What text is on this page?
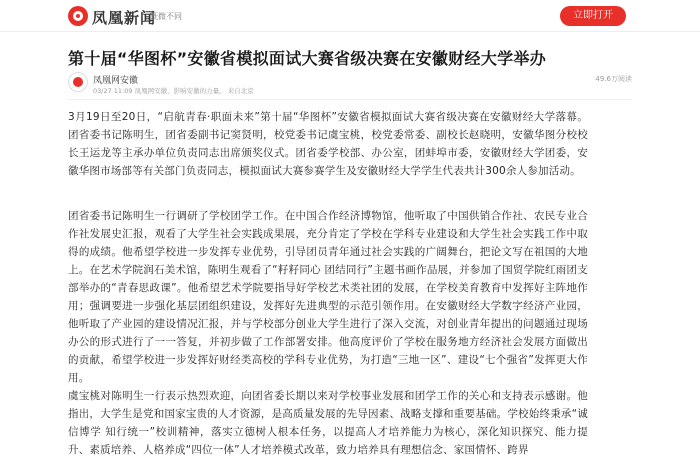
凤凰新闻
既微不同	立即打开
第十届“华图杯”安徽省模拟面试大赛省级决赛在安徽财经大学举办
凤凰网安徽
03/27 11:09 凤凰网安徽，影响安徽的力量。 来自北京
49.6万阅读

3月19日至20日，“启航青春·职面未来”第十届“华图杯”安徽省模拟面试大赛省级决赛在安徽财经大学落幕。团省委书记陈明生，团省委副书记窦贤明，校党委书记虞宝桃，校党委常委、副校长赵晓明，安徽华图分校校长王运龙等主承办单位负责同志出席颁奖仪式。团省委学校部、办公室，团蚌埠市委，安徽财经大学团委，安徽华图市场部等有关部门负责同志，模拟面试大赛参赛学生及安徽财经大学学生代表共计300余人参加活动。

团省委书记陈明生一行调研了学校团学工作。在中国合作经济博物馆，他听取了中国供销合作社、农民专业合作社发展史汇报，观看了大学生社会实践成果展，充分肯定了学校在学科专业建设和大学生社会实践工作中取得的成绩。他希望学校进一步发挥专业优势，引导团员青年通过社会实践的广阔舞台，把论文写在祖国的大地上。在艺术学院润石美术馆，陈明生观看了“籽籽同心 团结同行”主题书画作品展，并参加了国贸学院红雨团支部举办的“青春思政课”。他希望艺术学院要指导好学校艺术类社团的发展，在学校美育教育中发挥好主阵地作用；强调要进一步强化基层团组织建设，发挥好先进典型的示范引领作用。在安徽财经大学数字经济产业园，他听取了产业园的建设情况汇报，并与学校部分创业大学生进行了深入交流，对创业青年提出的问题通过现场办公的形式进行了一一答复，并初步做了工作部署安排。他高度评价了学校在服务地方经济社会发展方面做出的贡献，希望学校进一步发挥好财经类高校的学科专业优势，为打造“三地一区”、建设“七个强省”发挥更大作用。

虞宝桃对陈明生一行表示热烈欢迎，向团省委长期以来对学校事业发展和团学工作的关心和支持表示感谢。他指出，大学生是党和国家宝贵的人才资源，是高质量发展的先导因素、战略支撑和重要基础。学校始终秉承“诚信博学 知行统一”校训精神，落实立德树人根本任务，以提高人才培养能力为核心，深化知识探究、能力提升、素质培养、人格养成“四位一体”人才培养模式改革，致力培养具有理想信念、家国情怀、跨界
